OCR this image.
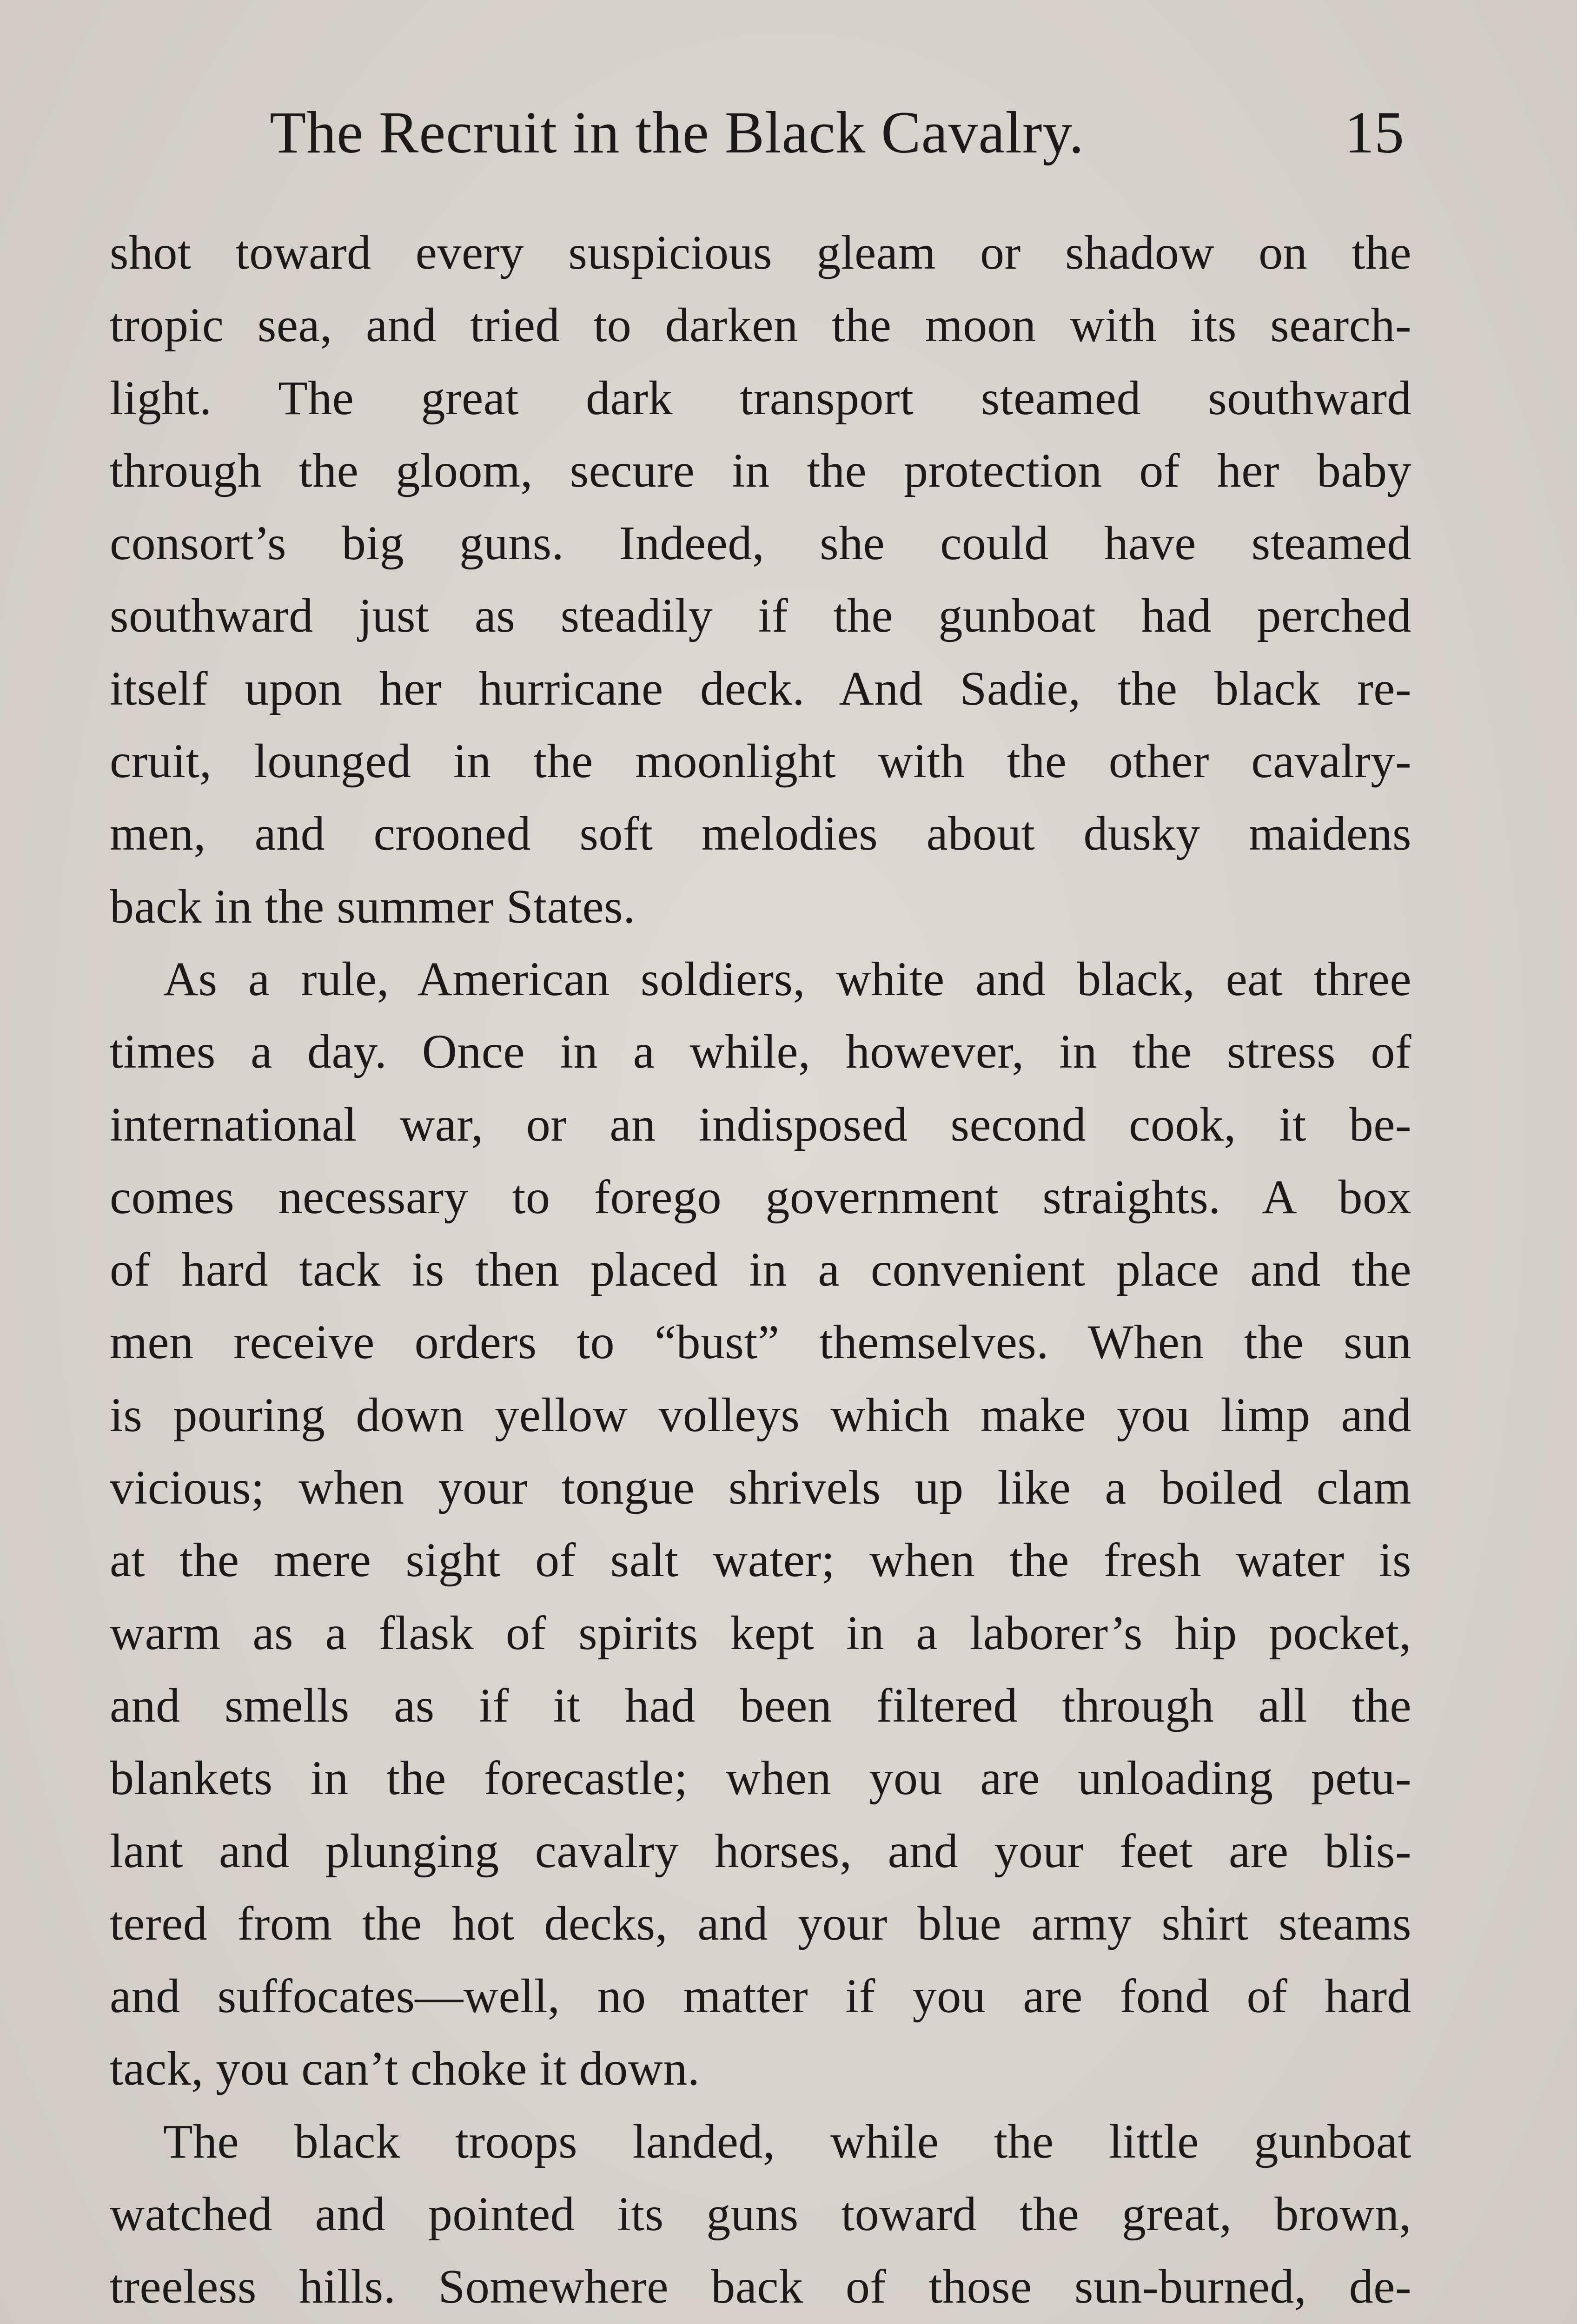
The Recruit in the Black Cavalry.	15
shot toward every suspicious gleam or shadow on the
tropic sea, and tried to darken the moon with its search-
light. The great dark transport steamed southward
through the gloom, secure in the protection of her baby
consort’s big guns. Indeed, she could have steamed
southward just as steadily if the gunboat had perched
itself upon her hurricane deck. And Sadie, the black re-
cruit, lounged in the moonlight with the other cavalry-
men, and crooned soft melodies about dusky maidens
back in the summer States.
As a rule, American soldiers, white and black, eat three
times a day. Once in a while, however, in the stress of
international war, or an indisposed second cook, it be-
comes necessary to forego government straights. A box
of hard tack is then placed in a convenient place and the
men receive orders to “bust” themselves. When the sun
is pouring down yellow volleys which make you limp and
vicious; when your tongue shrivels up like a boiled clam
at the mere sight of salt water; when the fresh water is
warm as a flask of spirits kept in a laborer’s hip pocket,
and smells as if it had been filtered through all the
blankets in the forecastle; when you are unloading petu-
lant and plunging cavalry horses, and your feet are blis-
tered from the hot decks, and your blue army shirt steams
and suffocates—well, no matter if you are fond of hard
tack, you can’t choke it down.
The black troops landed, while the little gunboat
watched and pointed its guns toward the great, brown,
treeless hills. Somewhere back of those sun-burned, de-
